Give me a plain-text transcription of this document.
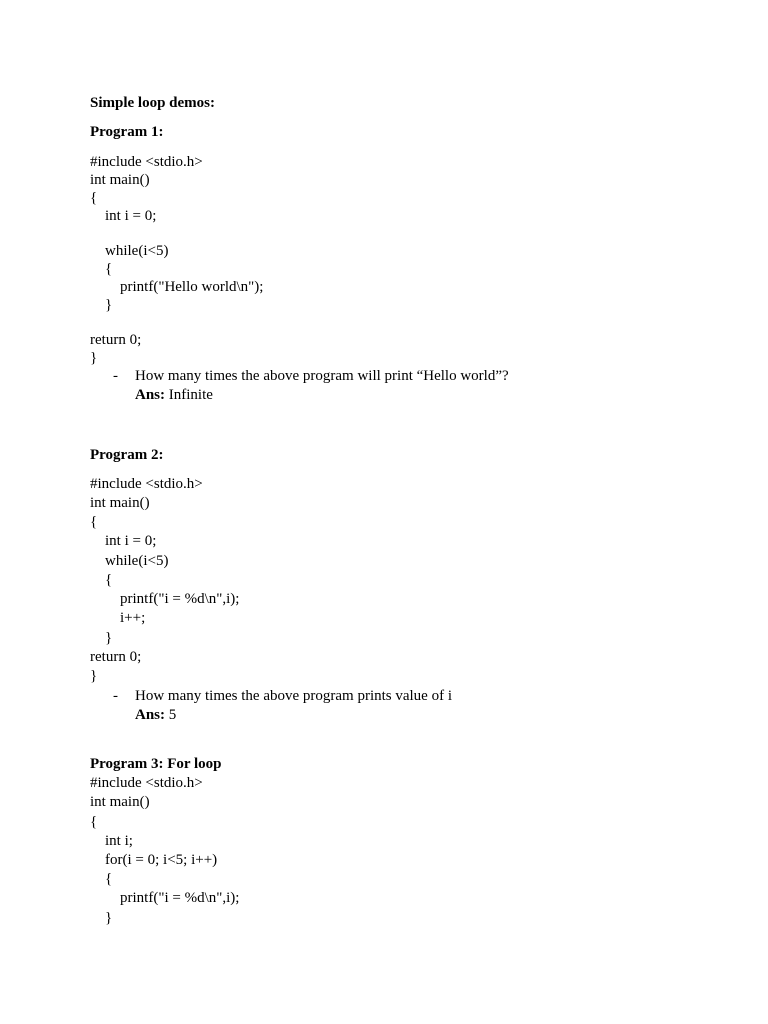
Simple loop demos:
Program 1:
#include <stdio.h>
int main()
{
int i = 0;
while(i<5)
{
printf("Hello world\n");
}
return 0;
}
- How many times the above program will print “Hello world”?
Ans: Infinite
Program 2:
#include <stdio.h>
int main()
{
int i = 0;
while(i<5)
{
printf("i = %d\n",i);
i++;
}
return 0;
}
- How many times the above program prints value of i
Ans: 5
Program 3: For loop
#include <stdio.h>
int main()
{
int i;
for(i = 0; i<5; i++)
{
printf("i = %d\n",i);
}
